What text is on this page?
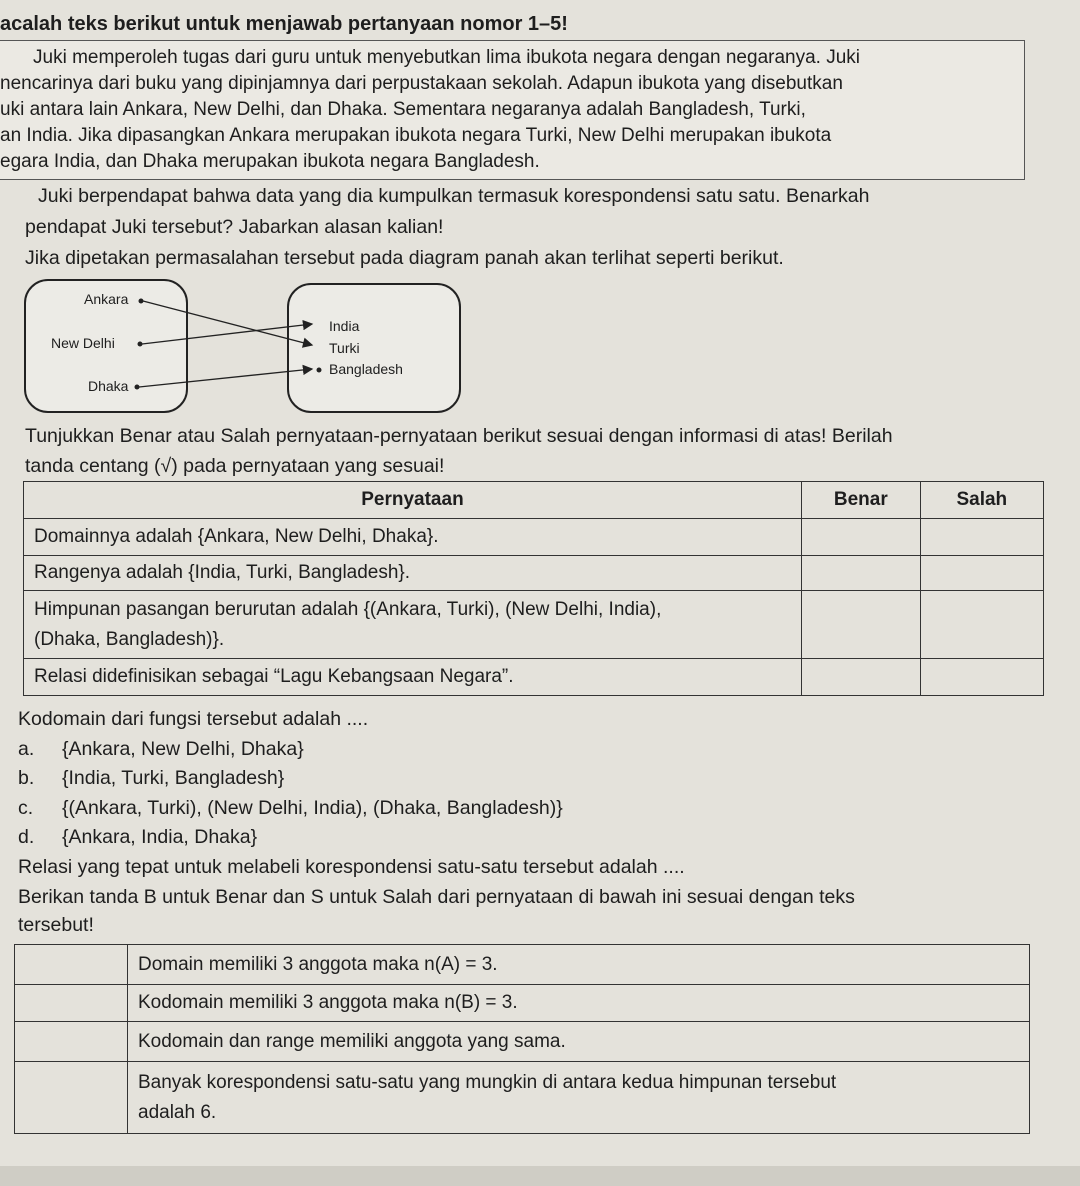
acalah teks berikut untuk menjawab pertanyaan nomor 1–5!
Juki memperoleh tugas dari guru untuk menyebutkan lima ibukota negara dengan negaranya. Juki
nencarinya dari buku yang dipinjamnya dari perpustakaan sekolah. Adapun ibukota yang disebutkan
uki antara lain Ankara, New Delhi, dan Dhaka. Sementara negaranya adalah Bangladesh, Turki,
an India. Jika dipasangkan Ankara merupakan ibukota negara Turki, New Delhi merupakan ibukota
egara India, dan Dhaka merupakan ibukota negara Bangladesh.
Juki berpendapat bahwa data yang dia kumpulkan termasuk korespondensi satu satu. Benarkah
pendapat Juki tersebut? Jabarkan alasan kalian!
Jika dipetakan permasalahan tersebut pada diagram panah akan terlihat seperti berikut.
Ankara
New Delhi
Dhaka
India
Turki
Bangladesh
Tunjukkan Benar atau Salah pernyataan-pernyataan berikut sesuai dengan informasi di atas! Berilah
tanda centang (√) pada pernyataan yang sesuai!
Pernyataan	Benar	Salah
Domainnya adalah {Ankara, New Delhi, Dhaka}.		
Rangenya adalah {India, Turki, Bangladesh}.		

Himpunan pasangan berurutan adalah {(Ankara, Turki), (New Delhi, India),
(Dhaka, Bangladesh)}.		

Relasi didefinisikan sebagai “Lagu Kebangsaan Negara”.		
Kodomain dari fungsi tersebut adalah ....
a. {Ankara, New Delhi, Dhaka}
b. {India, Turki, Bangladesh}
c. {(Ankara, Turki), (New Delhi, India), (Dhaka, Bangladesh)}
d. {Ankara, India, Dhaka}
Relasi yang tepat untuk melabeli korespondensi satu-satu tersebut adalah ....
Berikan tanda B untuk Benar dan S untuk Salah dari pernyataan di bawah ini sesuai dengan teks
tersebut!
	Domain memiliki 3 anggota maka n(A) = 3.
	Kodomain memiliki 3 anggota maka n(B) = 3.
	Kodomain dan range memiliki anggota yang sama.

	Banyak korespondensi satu-satu yang mungkin di antara kedua himpunan tersebut
adalah 6.
